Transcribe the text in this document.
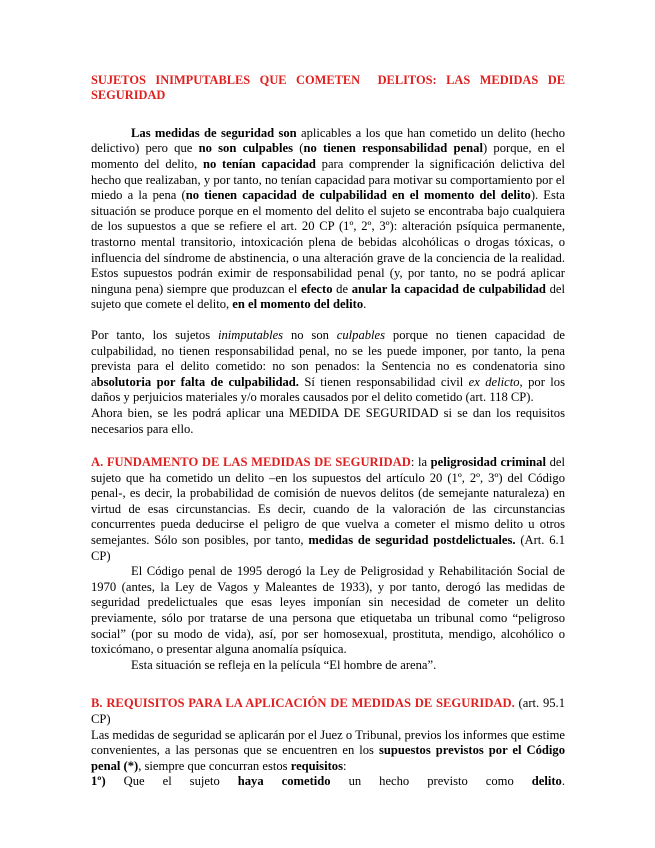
SUJETOS INIMPUTABLES QUE COMETEN DELITOS: LAS MEDIDAS DE SEGURIDAD

Las medidas de seguridad son aplicables a los que han cometido un delito (hecho delictivo) pero que no son culpables (no tienen responsabilidad penal) porque, en el momento del delito, no tenían capacidad para comprender la significación delictiva del hecho que realizaban, y por tanto, no tenían capacidad para motivar su comportamiento por el miedo a la pena (no tienen capacidad de culpabilidad en el momento del delito). Esta situación se produce porque en el momento del delito el sujeto se encontraba bajo cualquiera de los supuestos a que se refiere el art. 20 CP (1º, 2º, 3º): alteración psíquica permanente, trastorno mental transitorio, intoxicación plena de bebidas alcohólicas o drogas tóxicas, o influencia del síndrome de abstinencia, o una alteración grave de la conciencia de la realidad. Estos supuestos podrán eximir de responsabilidad penal (y, por tanto, no se podrá aplicar ninguna pena) siempre que produzcan el efecto de anular la capacidad de culpabilidad del sujeto que comete el delito, en el momento del delito.

Por tanto, los sujetos inimputables no son culpables porque no tienen capacidad de culpabilidad, no tienen responsabilidad penal, no se les puede imponer, por tanto, la pena prevista para el delito cometido: no son penados: la Sentencia no es condenatoria sino absolutoria por falta de culpabilidad. Sí tienen responsabilidad civil ex delicto, por los daños y perjuicios materiales y/o morales causados por el delito cometido (art. 118 CP).

Ahora bien, se les podrá aplicar una MEDIDA DE SEGURIDAD si se dan los requisitos necesarios para ello.

A. FUNDAMENTO DE LAS MEDIDAS DE SEGURIDAD: la peligrosidad criminal del sujeto que ha cometido un delito –en los supuestos del artículo 20 (1º, 2º, 3º) del Código penal-, es decir, la probabilidad de comisión de nuevos delitos (de semejante naturaleza) en virtud de esas circunstancias. Es decir, cuando de la valoración de las circunstancias concurrentes pueda deducirse el peligro de que vuelva a cometer el mismo delito u otros semejantes. Sólo son posibles, por tanto, medidas de seguridad postdelictuales. (Art. 6.1 CP)

El Código penal de 1995 derogó la Ley de Peligrosidad y Rehabilitación Social de 1970 (antes, la Ley de Vagos y Maleantes de 1933), y por tanto, derogó las medidas de seguridad predelictuales que esas leyes imponían sin necesidad de cometer un delito previamente, sólo por tratarse de una persona que etiquetaba un tribunal como “peligroso social” (por su modo de vida), así, por ser homosexual, prostituta, mendigo, alcohólico o toxicómano, o presentar alguna anomalía psíquica.

Esta situación se refleja en la película “El hombre de arena”.

B. REQUISITOS PARA LA APLICACIÓN DE MEDIDAS DE SEGURIDAD. (art. 95.1 CP)

Las medidas de seguridad se aplicarán por el Juez o Tribunal, previos los informes que estime convenientes, a las personas que se encuentren en los supuestos previstos por el Código penal (*), siempre que concurran estos requisitos:

1º) Que el sujeto haya cometido un hecho previsto como delito.
